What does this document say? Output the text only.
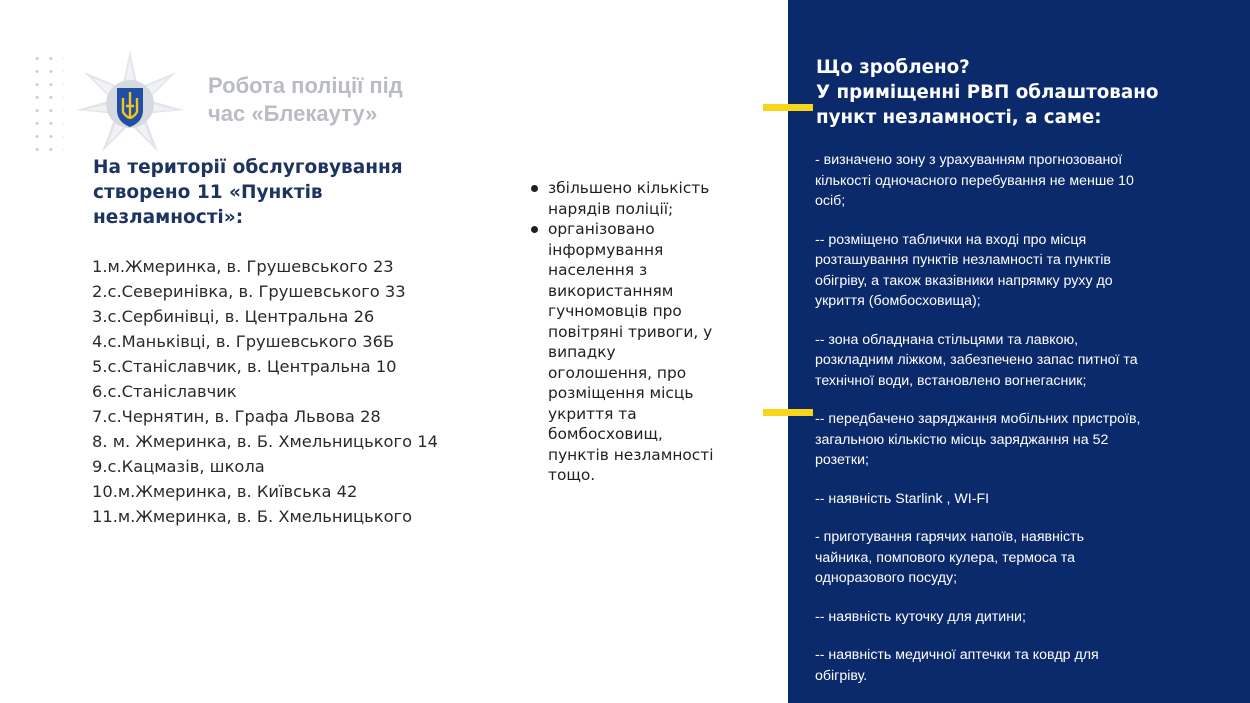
Робота поліції під
час «Блекауту»
На території обслуговування
створено 11 «Пунктів
незламності»:
1.м.Жмеринка, в. Грушевського 23
2.с.Северинівка, в. Грушевського 33
3.с.Сербинівці, в. Центральна 26
4.с.Маньківці, в. Грушевського 36Б
5.с.Станіславчик, в. Центральна 10
6.с.Станіславчик
7.с.Чернятин, в. Графа Львова 28
8. м. Жмеринка, в. Б. Хмельницького 14
9.с.Кацмазів, школа
10.м.Жмеринка, в. Київська 42
11.м.Жмеринка, в. Б. Хмельницького
збільшено кількість
нарядів поліції;
організовано
інформування
населення з
використанням
гучномовців про
повітряні тривоги, у
випадку
оголошення, про
розміщення місць
укриття та
бомбосховищ,
пунктів незламності
тощо.
Що зроблено?
У приміщенні РВП облаштовано
пункт незламності, а саме:
- визначено зону з урахуванням прогнозованої
кількості одночасного перебування не менше 10
осіб;
-- розміщено таблички на вході про місця
розташування пунктів незламності та пунктів
обігріву, а також вказівники напрямку руху до
укриття (бомбосховища);
-- зона обладнана стільцями та лавкою,
розкладним ліжком, забезпечено запас питної та
технічної води, встановлено вогнегасник;
-- передбачено заряджання мобільних пристроїв,
загальною кількістю місць заряджання на 52
розетки;
-- наявність Starlink , WI-FI
- приготування гарячих напоїв, наявність
чайника, помпового кулера, термоса та
одноразового посуду;
-- наявність куточку для дитини;
-- наявність медичної аптечки та ковдр для
обігріву.
